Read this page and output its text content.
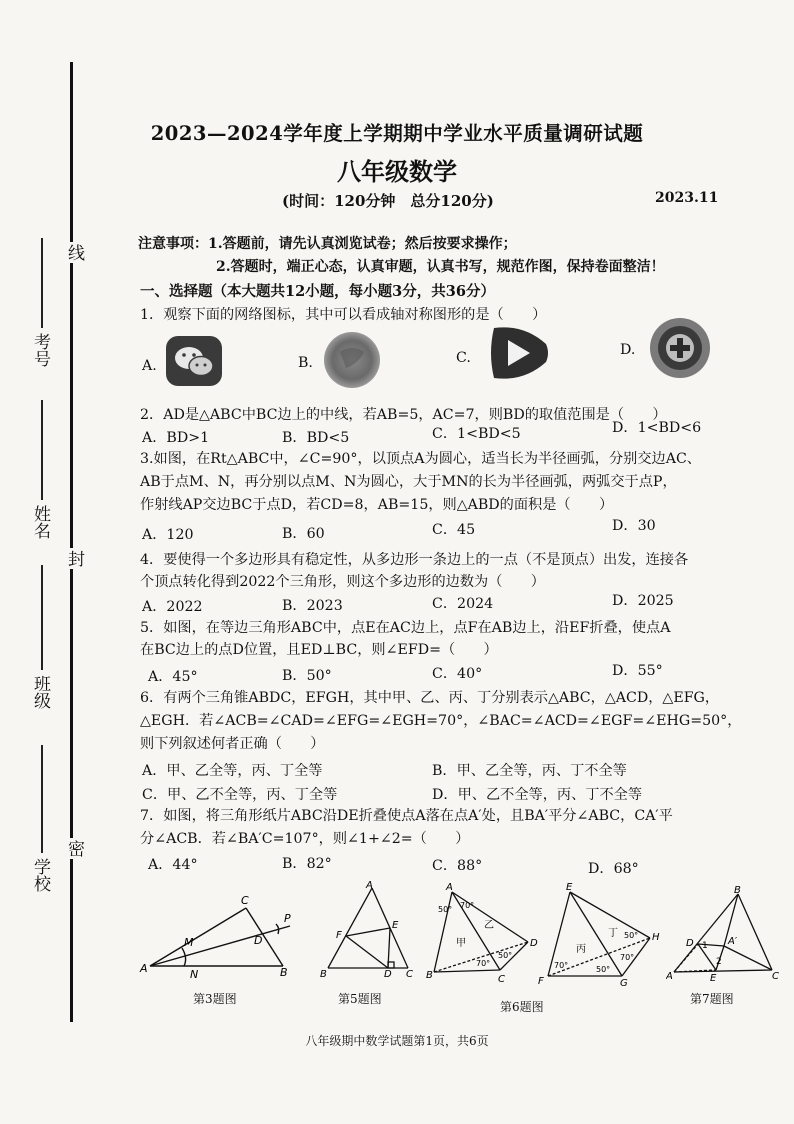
线
封
密
考号
姓名
班级
学校
2023—2024学年度上学期期中学业水平质量调研试题
八年级数学
(时间：120分钟　总分120分)	2023.11
注意事项：1.答题前，请先认真浏览试卷；然后按要求操作；
2.答题时，端正心态，认真审题，认真书写，规范作图，保持卷面整洁！
一、选择题（本大题共12小题，每小题3分，共36分）
1．观察下面的网络图标，其中可以看成轴对称图形的是（　　）
A.	B.	C.	D.
2．AD是△ABC中BC边上的中线，若AB=5，AC=7，则BD的取值范围是（　　）
A．BD>1	B．BD<5	C．1<BD<5	D．1<BD<6
3.如图，在Rt△ABC中，∠C=90°，以顶点A为圆心，适当长为半径画弧，分别交边AC、
AB于点M、N，再分别以点M、N为圆心，大于MN的长为半径画弧，两弧交于点P，
作射线AP交边BC于点D，若CD=8，AB=15，则△ABD的面积是（　　）
A．120	B．60	C．45	D．30
4．要使得一个多边形具有稳定性，从多边形一条边上的一点（不是顶点）出发，连接各
个顶点转化得到2022个三角形，则这个多边形的边数为（　　）
A．2022	B．2023	C．2024	D．2025
5．如图，在等边三角形ABC中，点E在AC边上，点F在AB边上，沿EF折叠，使点A
在BC边上的点D位置，且ED⊥BC，则∠EFD=（　　）
A．45°	B．50°	C．40°	D．55°
6．有两个三角锥ABDC，EFGH，其中甲、乙、丙、丁分别表示△ABC，△ACD，△EFG，
△EGH．若∠ACB=∠CAD=∠EFG=∠EGH=70°，∠BAC=∠ACD=∠EGF=∠EHG=50°，
则下列叙述何者正确（　　）
A．甲、乙全等，丙、丁全等	B．甲、乙全等，丙、丁不全等
C．甲、乙不全等，丙、丁全等	D．甲、乙不全等，丙、丁不全等
7．如图，将三角形纸片ABC沿DE折叠使点A落在点A′处，且BA′平分∠ABC，CA′平
分∠ACB．若∠BA′C=107°，则∠1+∠2=（　　）
A．44°	B．82°	C．88°	D．68°
A	N
M
C
D
P
B
第3题图
A
F
E
B	D C
第5题图
A
B	C
D
甲
乙
50° 70°
70°
50°
E
F	G
H
丙
丁 50°
70°	50°
70°
第6题图
B
D 1 A′
A	E
2
C
第7题图
八年级期中数学试题第1页，共6页
